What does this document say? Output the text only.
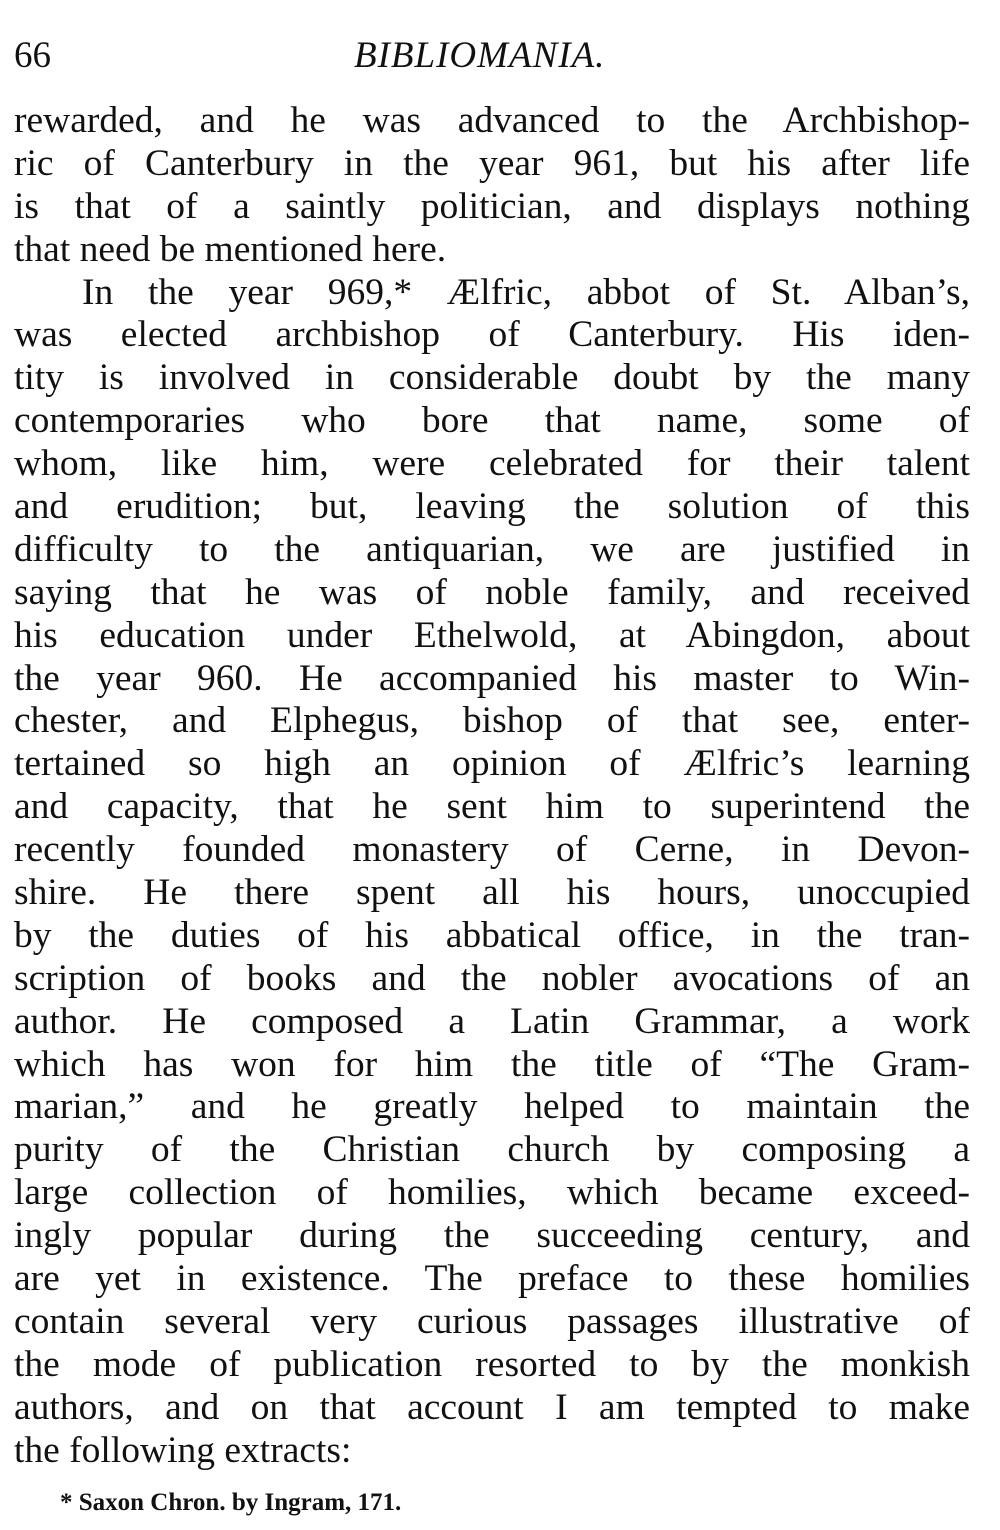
66	BIBLIOMANIA.
rewarded, and he was advanced to the Archbishop-
ric of Canterbury in the year 961, but his after life
is that of a saintly politician, and displays nothing
that need be mentioned here.
In the year 969,* Ælfric, abbot of St. Alban’s,
was elected archbishop of Canterbury. His iden-
tity is involved in considerable doubt by the many
contemporaries who bore that name, some of
whom, like him, were celebrated for their talent
and erudition; but, leaving the solution of this
difficulty to the antiquarian, we are justified in
saying that he was of noble family, and received
his education under Ethelwold, at Abingdon, about
the year 960. He accompanied his master to Win-
chester, and Elphegus, bishop of that see, enter-
tertained so high an opinion of Ælfric’s learning
and capacity, that he sent him to superintend the
recently founded monastery of Cerne, in Devon-
shire. He there spent all his hours, unoccupied
by the duties of his abbatical office, in the tran-
scription of books and the nobler avocations of an
author. He composed a Latin Grammar, a work
which has won for him the title of “The Gram-
marian,” and he greatly helped to maintain the
purity of the Christian church by composing a
large collection of homilies, which became exceed-
ingly popular during the succeeding century, and
are yet in existence. The preface to these homilies
contain several very curious passages illustrative of
the mode of publication resorted to by the monkish
authors, and on that account I am tempted to make
the following extracts:
* Saxon Chron. by Ingram, 171.
